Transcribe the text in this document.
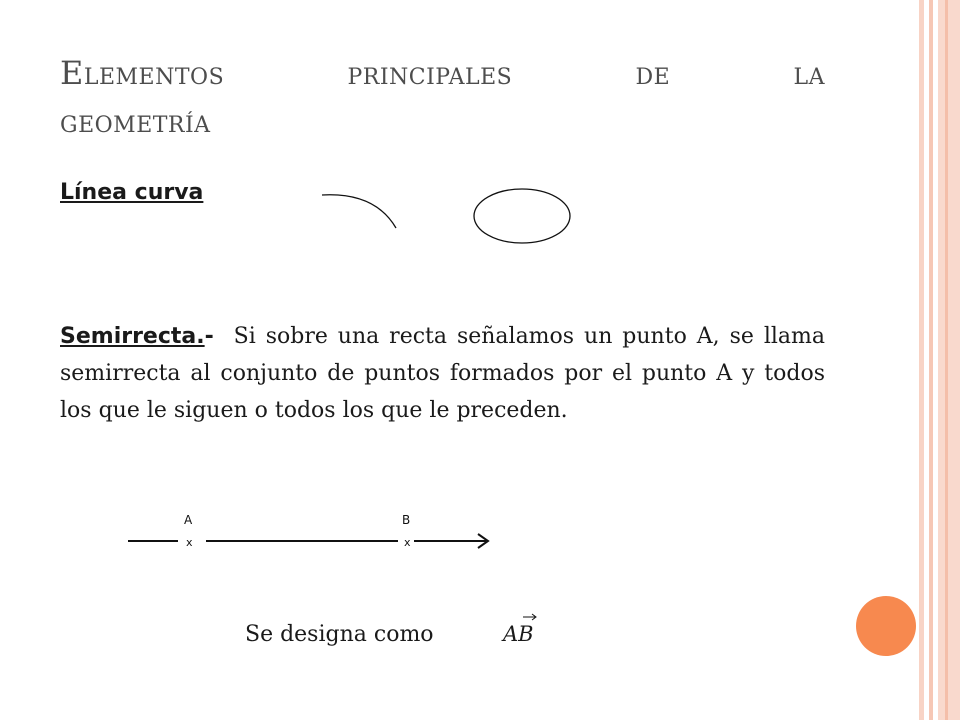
Elementos	principales	de	la
geometría
Línea curva
Semirrecta.-  Si sobre una recta señalamos un punto A, se llama semirrecta al conjunto de puntos formados por el punto A y todos los que le siguen o todos los que le preceden.
A	B
x	x
Se designa como	AB
